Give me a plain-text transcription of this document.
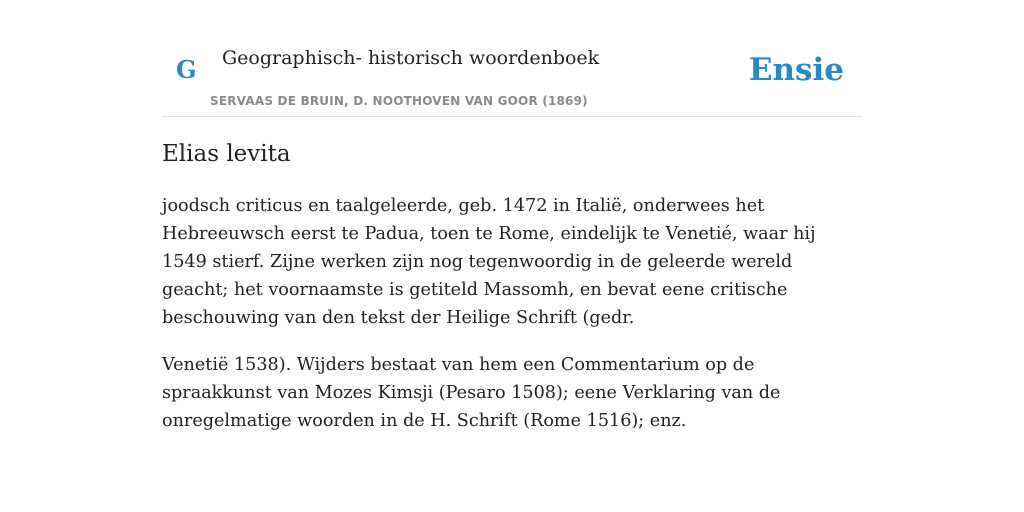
G Geographisch- historisch woordenboek
SERVAAS DE BRUIN, D. NOOTHOVEN VAN GOOR (1869)
Ensie
Elias levita

joodsch criticus en taalgeleerde, geb. 1472 in Italië, onderwees het Hebreeuwsch eerst te Padua, toen te Rome, eindelijk te Venetié, waar hij 1549 stierf. Zijne werken zijn nog tegenwoordig in de geleerde wereld geacht; het voornaamste is getiteld Massomh, en bevat eene critische beschouwing van den tekst der Heilige Schrift (gedr.

Venetië 1538). Wijders bestaat van hem een Commentarium op de spraakkunst van Mozes Kimsji (Pesaro 1508); eene Verklaring van de onregelmatige woorden in de H. Schrift (Rome 1516); enz.
